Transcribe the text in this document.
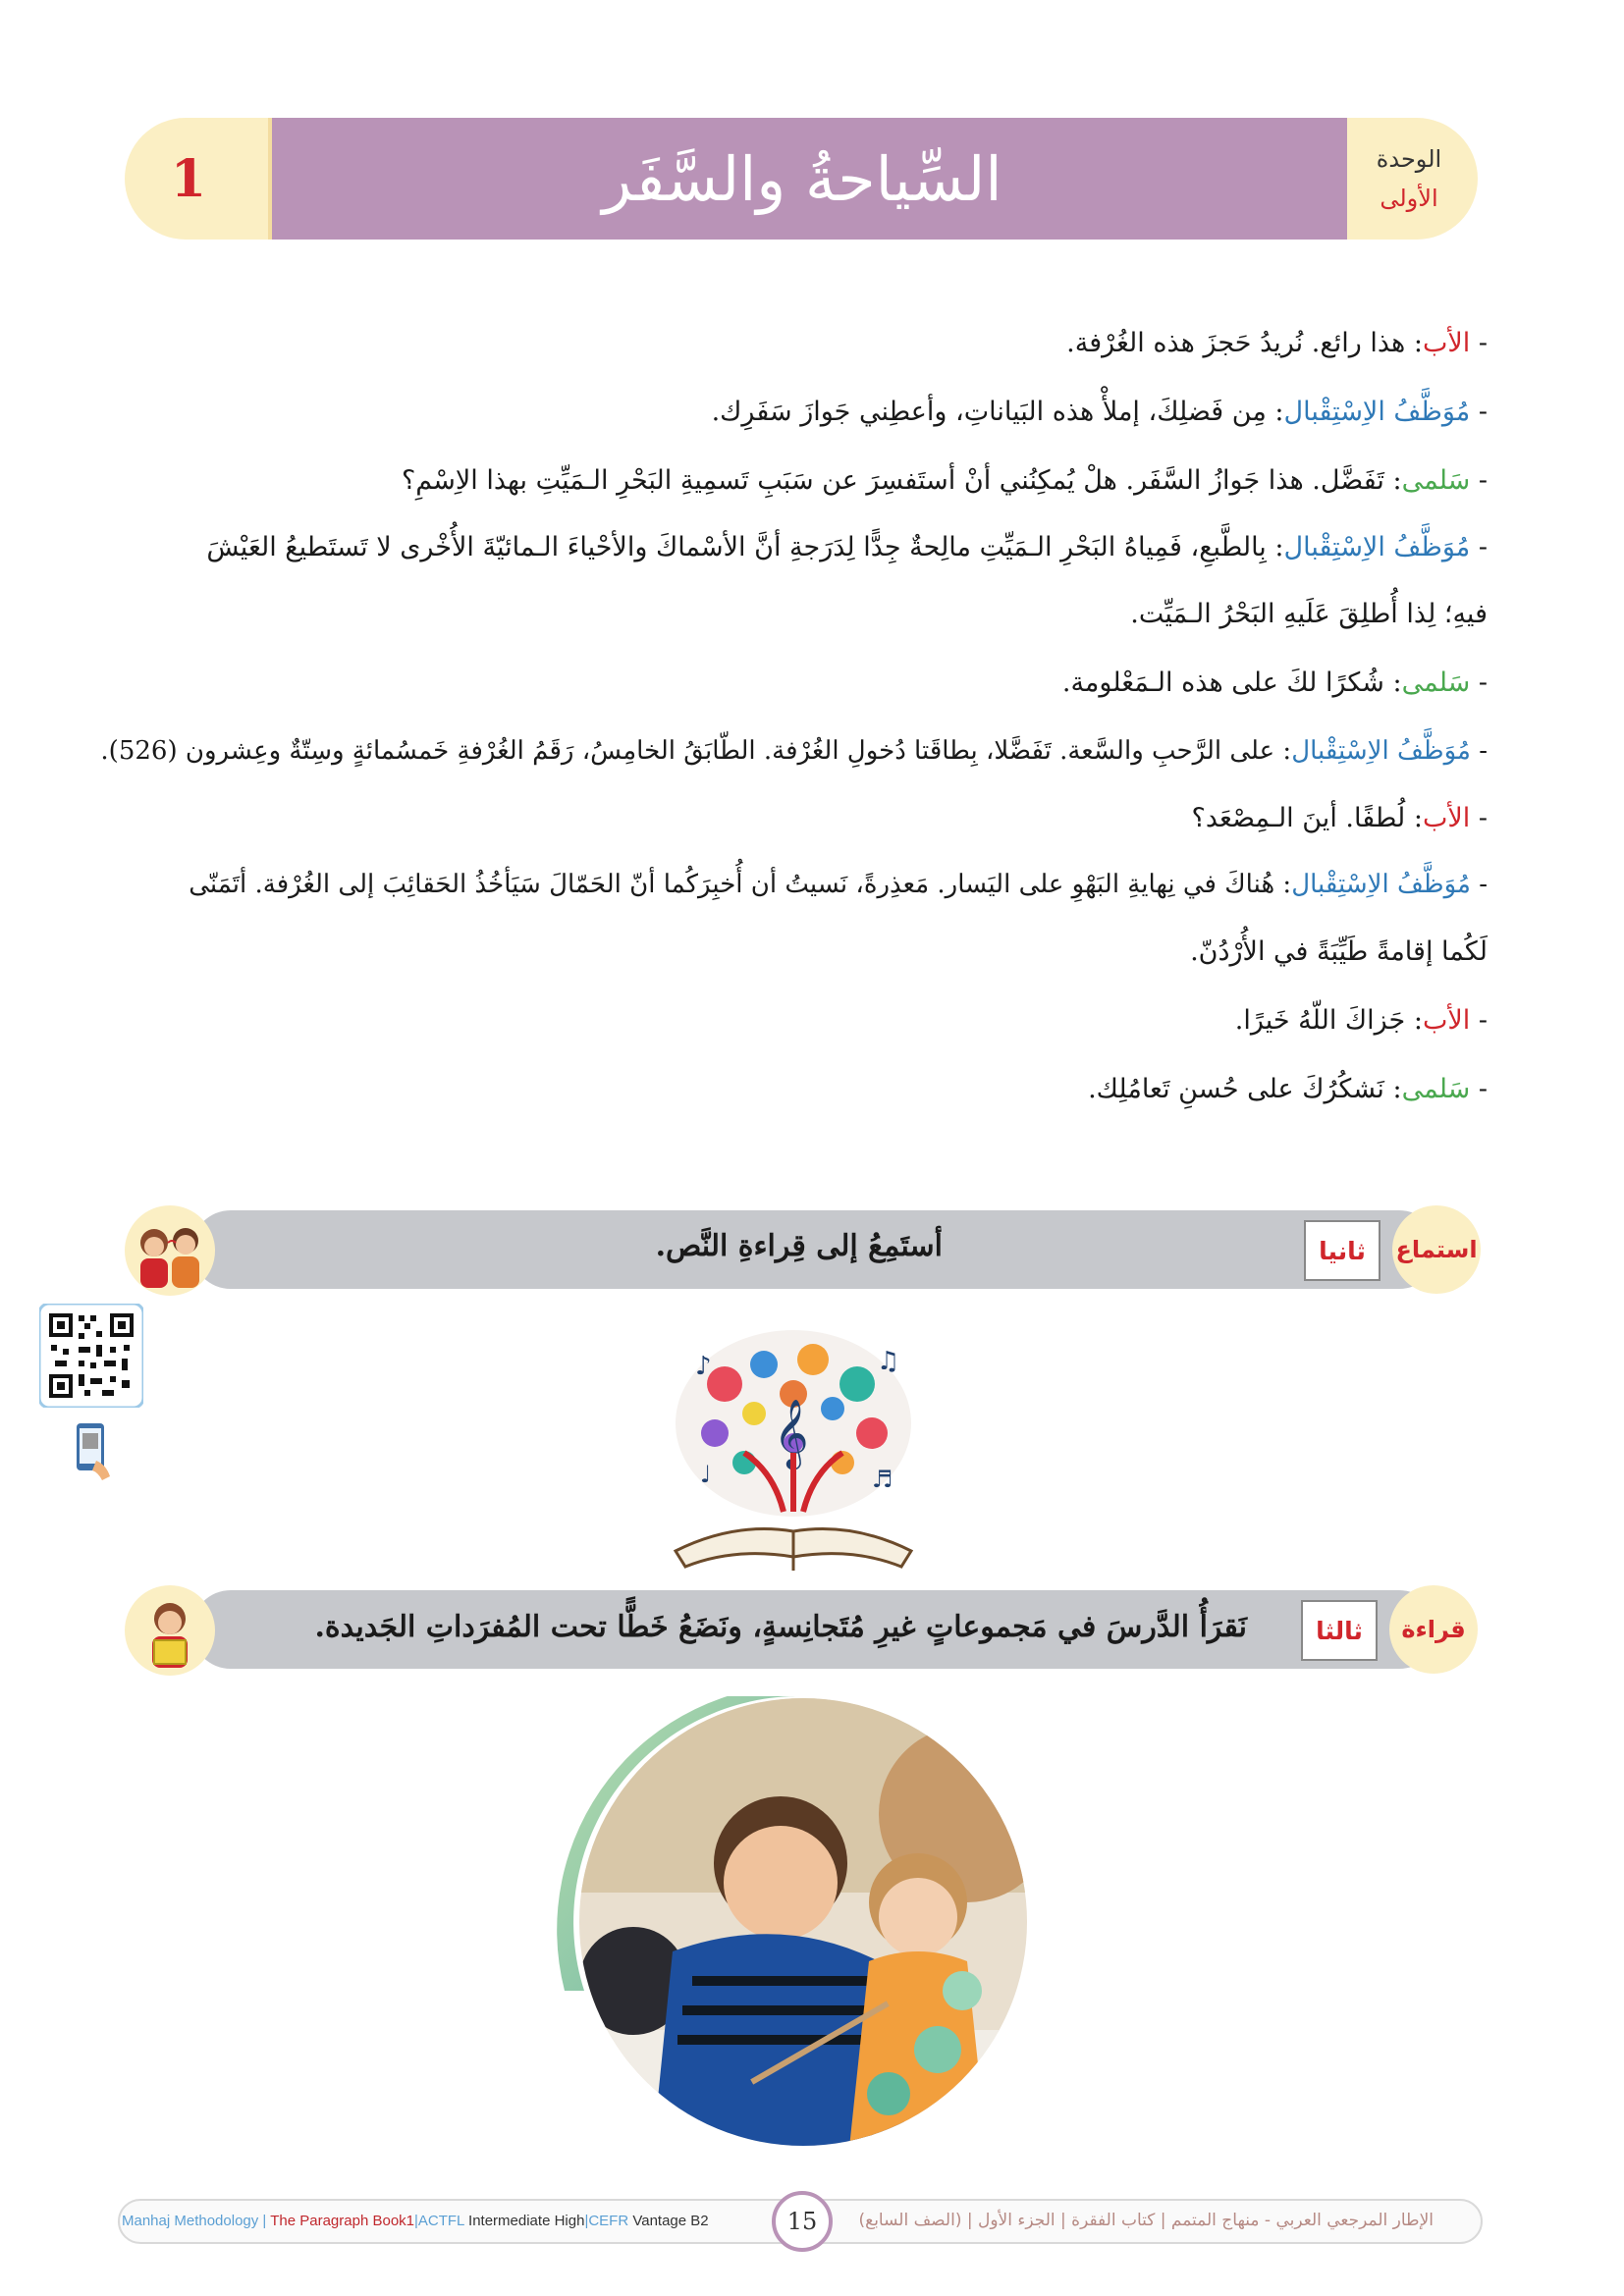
السِّياحةُ والسَّفَر
1	الوحدة
الأولى
- الأب: هذا رائع. نُريدُ حَجزَ هذه الغُرْفة.
- مُوَظَّفُ الاِسْتِقْبال: مِن فَضلِكَ، إملأْ هذه البَياناتِ، وأعطِني جَوازَ سَفَرِك.
- سَلمى: تَفَضَّل. هذا جَوازُ السَّفَر. هلْ يُمكِنُني أنْ أستَفسِرَ عن سَبَبِ تَسمِيةِ البَحْرِ الـمَيِّتِ بهذا الاِسْمِ؟
- مُوَظَّفُ الاِسْتِقْبال: بِالطَّبعِ، فَمِياهُ البَحْرِ الـمَيِّتِ مالِحةٌ جِدًّا لِدَرَجةِ أنَّ الأسْماكَ والأحْياءَ الـمائيّةَ الأُخْرى لا تَستَطيعُ العَيْشَ
فيهِ؛ لِذا أُطلِقَ عَلَيهِ البَحْرُ الـمَيِّت.
- سَلمى: شُكرًا لكَ على هذه الـمَعْلومة.
- مُوَظَّفُ الاِسْتِقْبال: على الرَّحبِ والسَّعة. تَفَضَّلا، بِطاقَتا دُخولِ الغُرْفة. الطّابَقُ الخامِسُ، رَقَمُ الغُرْفةِ خَمسُمائةٍ وسِتّةٌ وعِشرون (526).
- الأب: لُطفًا. أينَ الـمِصْعَد؟
- مُوَظَّفُ الاِسْتِقْبال: هُناكَ في نِهايةِ البَهْوِ على اليَسار. مَعذِرةً، نَسيتُ أن أُخبِرَكُما أنّ الحَمّالَ سَيَأخُذُ الحَقائِبَ إلى الغُرْفة. أتَمَنّى
لَكُما إقامةً طَيِّبَةً في الأُرْدُنّ.
- الأب: جَزاكَ اللّهُ خَيرًا.
- سَلمى: نَشكُرُكَ على حُسنِ تَعامُلِك.
أستَمِعُ إلى قِراءةِ النَّص.	ثانيا	استماع
𝄞
♪	♫
♩	♬
نَقرَأُ الدَّرسَ في مَجموعاتٍ غيرِ مُتَجانِسةٍ، ونَضَعُ خَطًّا تحت المُفرَداتِ الجَديدة.	ثالثا	قراءة
Manhaj Methodology | The Paragraph Book1|ACTFL Intermediate High|CEFR Vantage B2	15	الإطار المرجعي العربي - منهاج المتمم | كتاب الفقرة | الجزء الأول | (الصف السابع)
